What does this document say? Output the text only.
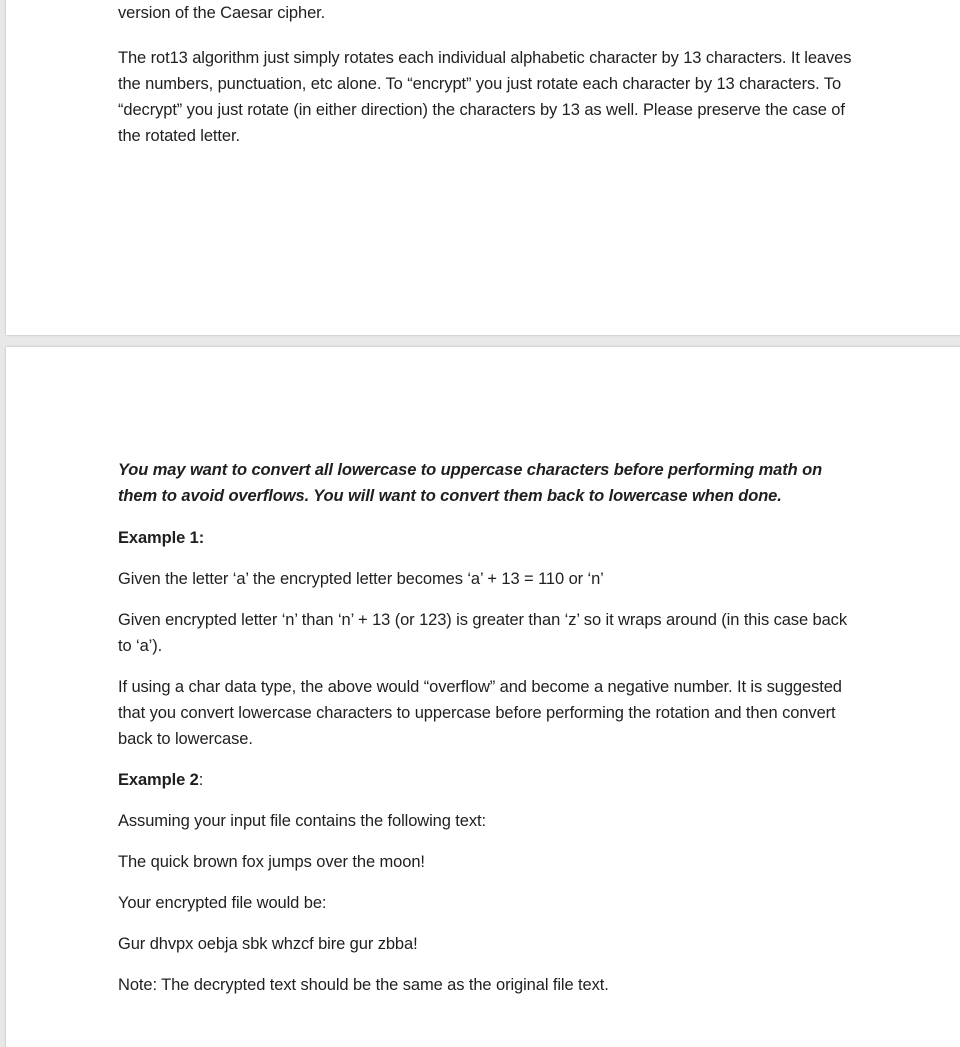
version of the Caesar cipher.

The rot13 algorithm just simply rotates each individual alphabetic character by 13 characters. It leaves the numbers, punctuation, etc alone. To “encrypt” you just rotate each character by 13 characters. To “decrypt” you just rotate (in either direction) the characters by 13 as well. Please preserve the case of the rotated letter.

You may want to convert all lowercase to uppercase characters before performing math on them to avoid overflows. You will want to convert them back to lowercase when done.

Example 1:

Given the letter ‘a’ the encrypted letter becomes ‘a’ + 13 = 110 or ‘n’

Given encrypted letter ‘n’ than ‘n’ + 13 (or 123) is greater than ‘z’ so it wraps around (in this case back to ‘a’).

If using a char data type, the above would “overflow” and become a negative number. It is suggested that you convert lowercase characters to uppercase before performing the rotation and then convert back to lowercase.

Example 2:

Assuming your input file contains the following text:

The quick brown fox jumps over the moon!

Your encrypted file would be:

Gur dhvpx oebja sbk whzcf bire gur zbba!

Note: The decrypted text should be the same as the original file text.
